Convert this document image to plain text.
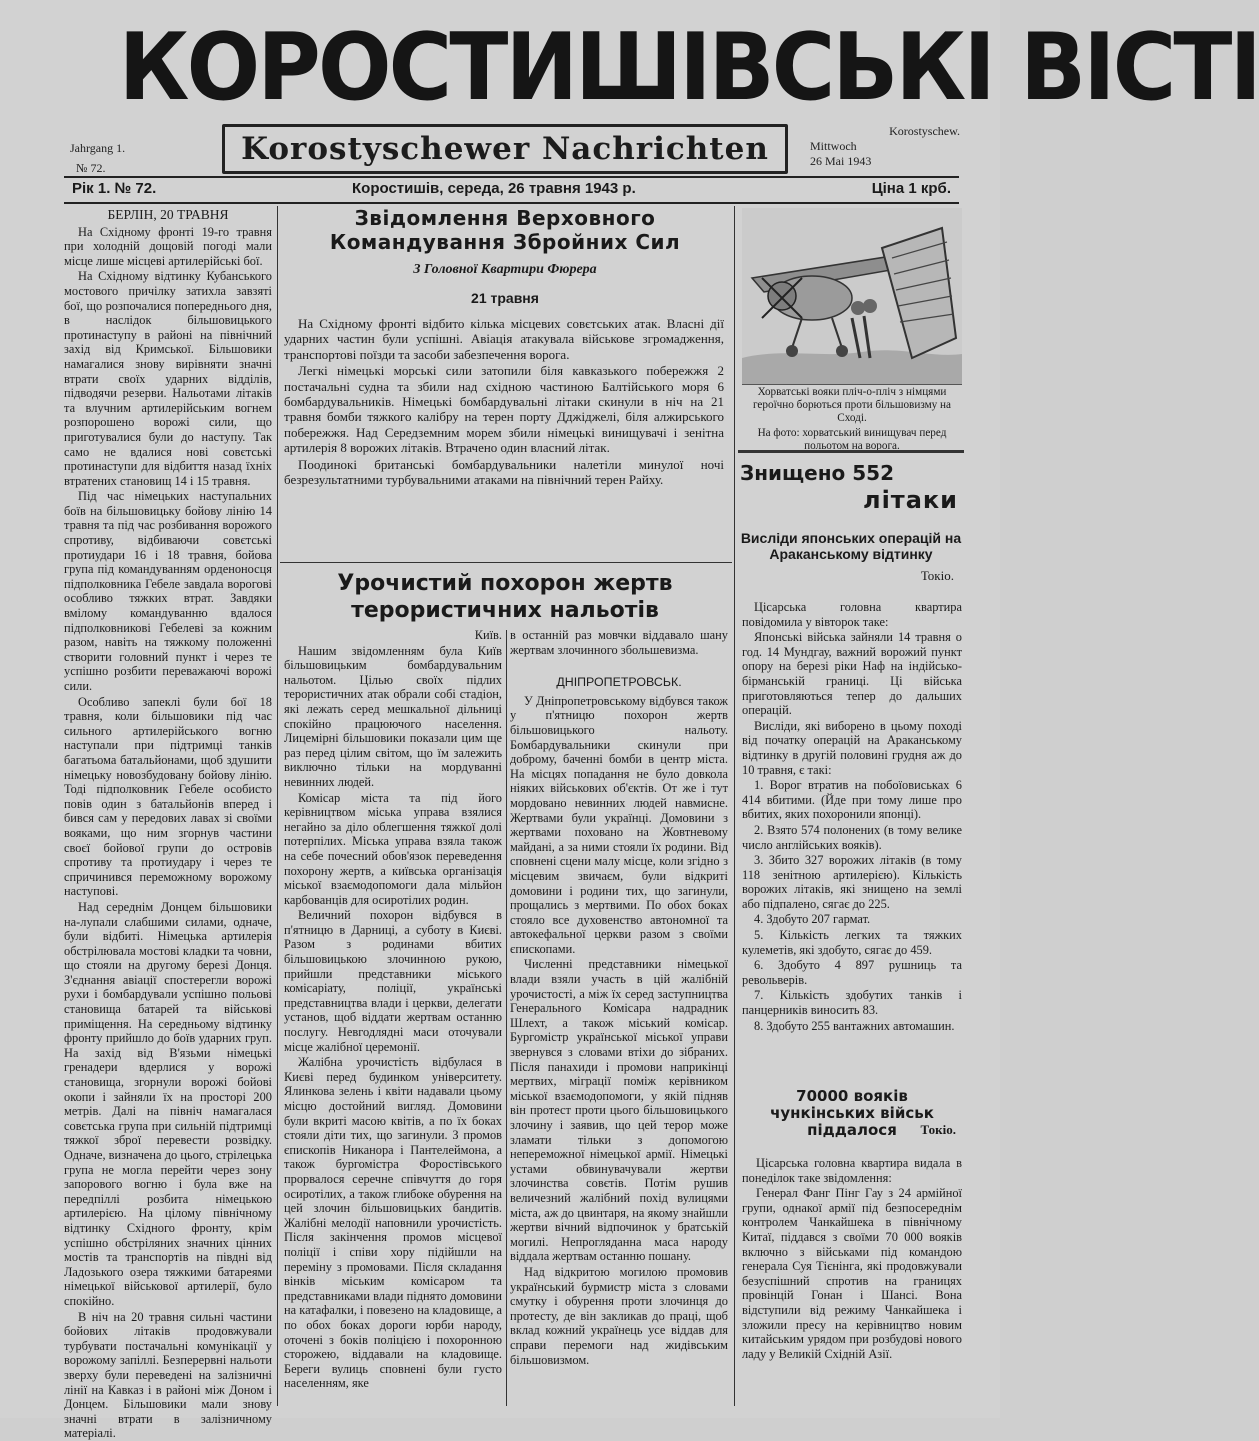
КОРОСТИШІВСЬКІ ВІСТІ
Jahrgang 1.
№ 72.
Korostyschewer Nachrichten	Korostyschew.
Mittwoch
26 Mai 1943
Рік 1. № 72.	Коростишів, середа, 26 травня 1943 р.	Ціна 1 крб.

БЕРЛІН, 20 ТРАВНЯ

На Східному фронті 19-го травня при холодній дощовій погоді мали місце лише місцеві артилерійські бої.

На Східному відтинку Кубанського мостового причілку затихла завзяті бої, що розпочалися попереднього дня, в наслідок більшовицького протинаступу в районі на північний захід від Кримської. Більшовики намагалися знову вирівняти значні втрати своїх ударних відділів, підводячи резерви. Нальотами літаків та влучним артилерійським вогнем розпорошено ворожі сили, що приготувалися були до наступу. Так само не вдалися нові совєтські протинаступи для відбиття назад їхніх втратених становищ 14 і 15 травня.

Під час німецьких наступальних боїв на більшовицьку бойову лінію 14 травня та під час розбивання ворожого спротиву, відбиваючи совєтські протиудари 16 і 18 травня, бойова група під командуванням орденоносця підполковника Гебеле завдала ворогові особливо тяжких втрат. Завдяки вмілому командуванню вдалося підполковникові Гебелеві за кожним разом, навіть на тяжкому положенні створити головний пункт і через те успішно розбити переважаючі ворожі сили.

Особливо запеклі були бої 18 травня, коли більшовики під час сильного артилерійського вогню наступали при підтримці танків багатьома батальйонами, щоб здушити німецьку новозбудовану бойову лінію. Тоді підполковник Гебеле особисто повів один з батальйонів вперед і бився сам у передових лавах зі своїми вояками, що ним згорнув частини своєї бойової групи до островів спротиву та протиудару і через те спричинився переможному ворожому наступові.

Над середнім Донцем більшовики на-лупали слабшими силами, одначе, були відбиті. Німецька артилерія обстрілювала мостові кладки та човни, що стояли на другому березі Донця. З'єднання авіації спостерегли ворожі рухи і бомбардували успішно польові становища батарей та військові приміщення. На середньому відтинку фронту прийшло до боїв ударних груп. На захід від В'язьми німецькі гренадери вдерлися у ворожі становища, згорнули ворожі бойові окопи і зайняли їх на просторі 200 метрів. Далі на північ намагалася совєтська група при сильній підтримці тяжкої зброї перевести розвідку. Одначе, визначена до цього, стрілецька група не могла перейти через зону запорового вогню і була вже на передпіллі розбита німецькою артилерією. На цілому північному відтинку Східного фронту, крім успішно обстріляних значних цінних мостів та транспортів на півдні від Ладозького озера тяжкими батареями німецької військової артилерії, було спокійно.

В ніч на 20 травня сильні частини бойових літаків продовжували турбувати постачальні комунікації у ворожому запіллі. Безперервні нальоти зверху були переведені на залізничні лінії на Кавказ і в районі між Доном і Донцем. Більшовики мали знову значні втрати в залізничному матеріалі.

Звідомлення Верховного Командування Збройних Сил
З Головної Квартири Фюрера
21 травня

На Східному фронті відбито кілька місцевих совєтських атак. Власні дії ударних частин були успішні. Авіація атакувала військове згромадження, транспортові поїзди та засоби забезпечення ворога.

Легкі німецькі морські сили затопили біля кавказького побережжя 2 постачальні судна та збили над східною частиною Балтійського моря 6 бомбардувальників. Німецькі бомбардувальні літаки скинули в ніч на 21 травня бомби тяжкого калібру на терен порту Дджіджелі, біля алжирського побережжя. Над Середземним морем збили німецькі винищувачі і зенітна артилерія 8 ворожих літаків. Втрачено один власний літак.

Поодинокі британські бомбардувальники налетіли минулої ночі безрезультатними турбувальними атаками на північний терен Райху.

Урочистий похорон жертв терористичних нальотів

Київ.

Нашим звідомленням була Київ більшовицьким бомбардувальним нальотом. Цілью своїх підлих терористичних атак обрали собі стадіон, які лежать серед мешкальної дільниці спокійно працюючого населення. Лицемірні більшовики показали цим ще раз перед цілим світом, що їм залежить виключно тільки на мордуванні невинних людей.

Комісар міста та під його керівництвом міська управа взялися негайно за діло облегшення тяжкої долі потерпілих. Міська управа взяла також на себе почесний обов'язок переведення похорону жертв, а київська організація міської взаємодопомоги дала мільйон карбованців для осиротілих родин.

Величний похорон відбувся в п'ятницю в Дарниці, а суботу в Києві. Разом з родинами вбитих більшовицькою злочинною рукою, прийшли представники міського комісаріату, поліції, українські представництва влади і церкви, делегати установ, щоб віддати жертвам останню послугу. Невгодлядні маси оточували місце жалібної церемонії.

Жалібна урочистість відбулася в Києві перед будинком університету. Ялинкова зелень і квіти надавали цьому місцю достойний вигляд. Домовини були вкриті масою квітів, а по їх боках стояли діти тих, що загинули. З промов єпископів Никанора і Пантелеймона, а також бургомістра Форостівського прорвалося серечне співчуття до горя осиротілих, а також глибоке обурення на цей злочин більшовицьких бандитів. Жалібні мелодії наповнили урочистість. Після закінчення промов місцевої поліції і співи хору підійшли на переміну з промовами. Після складання вінків міським комісаром та представниками влади піднято домовини на катафалки, і повезено на кладовище, а по обох боках дороги юрби народу, оточені з боків поліцією і похоронною сторожею, віддавали на кладовище. Береги вулиць сповнені були густо населенням, яке

в останній раз мовчки віддавало шану жертвам злочинного збольшевизма.

ДНІПРОПЕТРОВСЬК.

У Дніпропетровському відбувся також у п'ятницю похорон жертв більшовицького нальоту. Бомбардувальники скинули при доброму, баченні бомби в центр міста. На місцях попадання не було довкола ніяких військових об'єктів. От же і тут мордовано невинних людей навмисне. Жертвами були українці. Домовини з жертвами поховано на Жовтневому майдані, а за ними стояли їх родини. Від сповнені сцени малу місце, коли згідно з місцевим звичаєм, були відкриті домовини і родини тих, що загинули, прощались з мертвими. По обох боках стояло все духовенство автономної та автокефальної церкви разом з своїми єпископами.

Численні представники німецької влади взяли участь в цій жалібній урочистості, а між їх серед заступництва Генерального Комісара надрадник Шлехт, а також міський комісар. Бургомістр української міської управи звернувся з словами втіхи до зібраних. Після панахиди і промови наприкінці мертвих, міграції поміж керівником міської взаємодопомоги, у якій підняв він протест проти цього більшовицького злочину і заявив, що цей терор може зламати тільки з допомогою непереможної німецької армії. Німецькі устами обвинувачували жертви злочинства совєтів. Потім рушив величезний жалібний похід вулицями міста, аж до цвинтаря, на якому знайшли жертви вічний відпочинок у братській могилі. Непрогляданна маса народу віддала жертвам останню пошану.

Над відкритою могилою промовив український бурмистр міста з словами смутку і обурення проти злочинця до протесту, де він закликав до праці, щоб вклад кожний українець усе віддав для справи перемоги над жидівським більшовизмом.

Хорватські вояки пліч-о-пліч з німцями героїчно борються проти більшовизму на Сході.

На фото: хорватський винищувач перед польотом на ворога.

Знищено 552
літаки
Висліди японських операцій на Араканському відтинку
Токіо.

Цісарська головна квартира повідомила у вівторок таке:

Японські війська зайняли 14 травня о год. 14 Мундгау, важний ворожий пункт опору на березі ріки Наф на індійсько-бірманській границі. Ці війська приготовляються тепер до дальших операцій.

Висліди, які виборено в цьому поході від початку операцій на Араканському відтинку в другій половині грудня аж до 10 травня, є такі:

1. Ворог втратив на побоїовиськах 6 414 вбитими. (Йде при тому лише про вбитих, яких похоронили японці).

2. Взято 574 полонених (в тому велике число англійських вояків).

3. Збито 327 ворожих літаків (в тому 118 зенітною артилерією). Кількість ворожих літаків, які знищено на землі або підпалено, сягає до 225.

4. Здобуто 207 гармат.

5. Кількість легких та тяжких кулеметів, які здобуто, сягає до 459.

6. Здобуто 4 897 рушниць та револьверів.

7. Кількість здобутих танків і панцерників виносить 83.

8. Здобуто 255 вантажних автомашин.

70000 вояків чункінських військ піддалося	Токіо.

Цісарська головна квартира видала в понеділок таке звідомлення:

Генерал Фанг Пінг Гау з 24 армійної групи, однакої армії під безпосереднім контролем Чанкайшека в північному Китаї, піддався з своїми 70 000 вояків включно з військами під командою генерала Суя Тієнінга, які продовжували безуспішний спротив на границях провінцій Гонан і Шансі. Вона відступили від режиму Чанкайшека і зложили пресу на керівництво новим китайським урядом при розбудові нового ладу у Великій Східній Азії.
